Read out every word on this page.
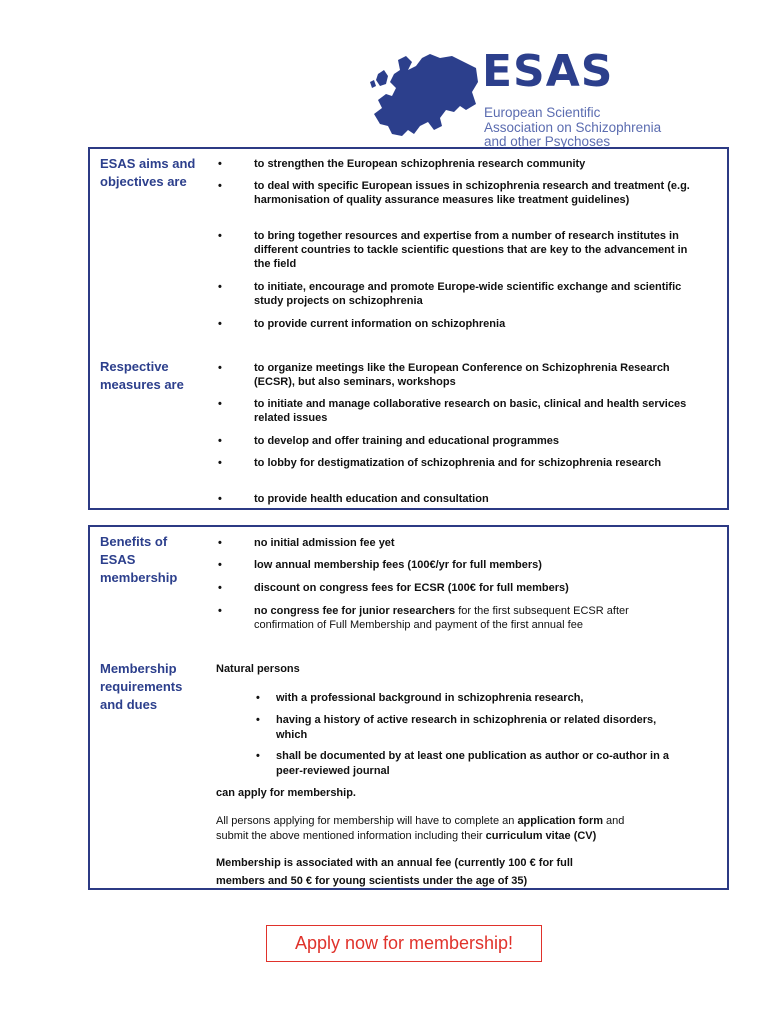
ESAS
European Scientific
Association on Schizophrenia
and other Psychoses
ESAS aims and
objectives are
•	to strengthen the European schizophrenia research community
•	to deal with specific European issues in schizophrenia research and treatment (e.g. harmonisation of quality assurance measures like treatment guidelines)
•	to bring together resources and expertise from a number of research institutes in different countries to tackle scientific questions that are key to the advancement in the field
•	to initiate, encourage and promote Europe-wide scientific exchange and scientific study projects on schizophrenia
•	to provide current information on schizophrenia
Respective
measures are
•	to organize meetings like the European Conference on Schizophrenia Research (ECSR), but also seminars, workshops
•	to initiate and manage collaborative research on basic, clinical and health services related issues
•	to develop and offer training and educational programmes
•	to lobby for destigmatization of schizophrenia and for schizophrenia research
•	to provide health education and consultation
Benefits of
ESAS
membership
•	no initial admission fee yet
•	low annual membership fees (100€/yr for full members)
•	discount on congress fees for ECSR (100€ for full members)
•	no congress fee for junior researchers for the first subsequent ECSR after
confirmation of Full Membership and payment of the first annual fee
Membership
requirements
and dues
Natural persons
• with a professional background in schizophrenia research,
• having a history of active research in schizophrenia or related disorders, which
• shall be documented by at least one publication as author or co-author in a peer-reviewed journal
can apply for membership.
All persons applying for membership will have to complete an application form and
submit the above mentioned information including their curriculum vitae (CV)
Membership is associated with an annual fee (currently 100 € for full
members and 50 € for young scientists under the age of 35)
Apply now for membership!
